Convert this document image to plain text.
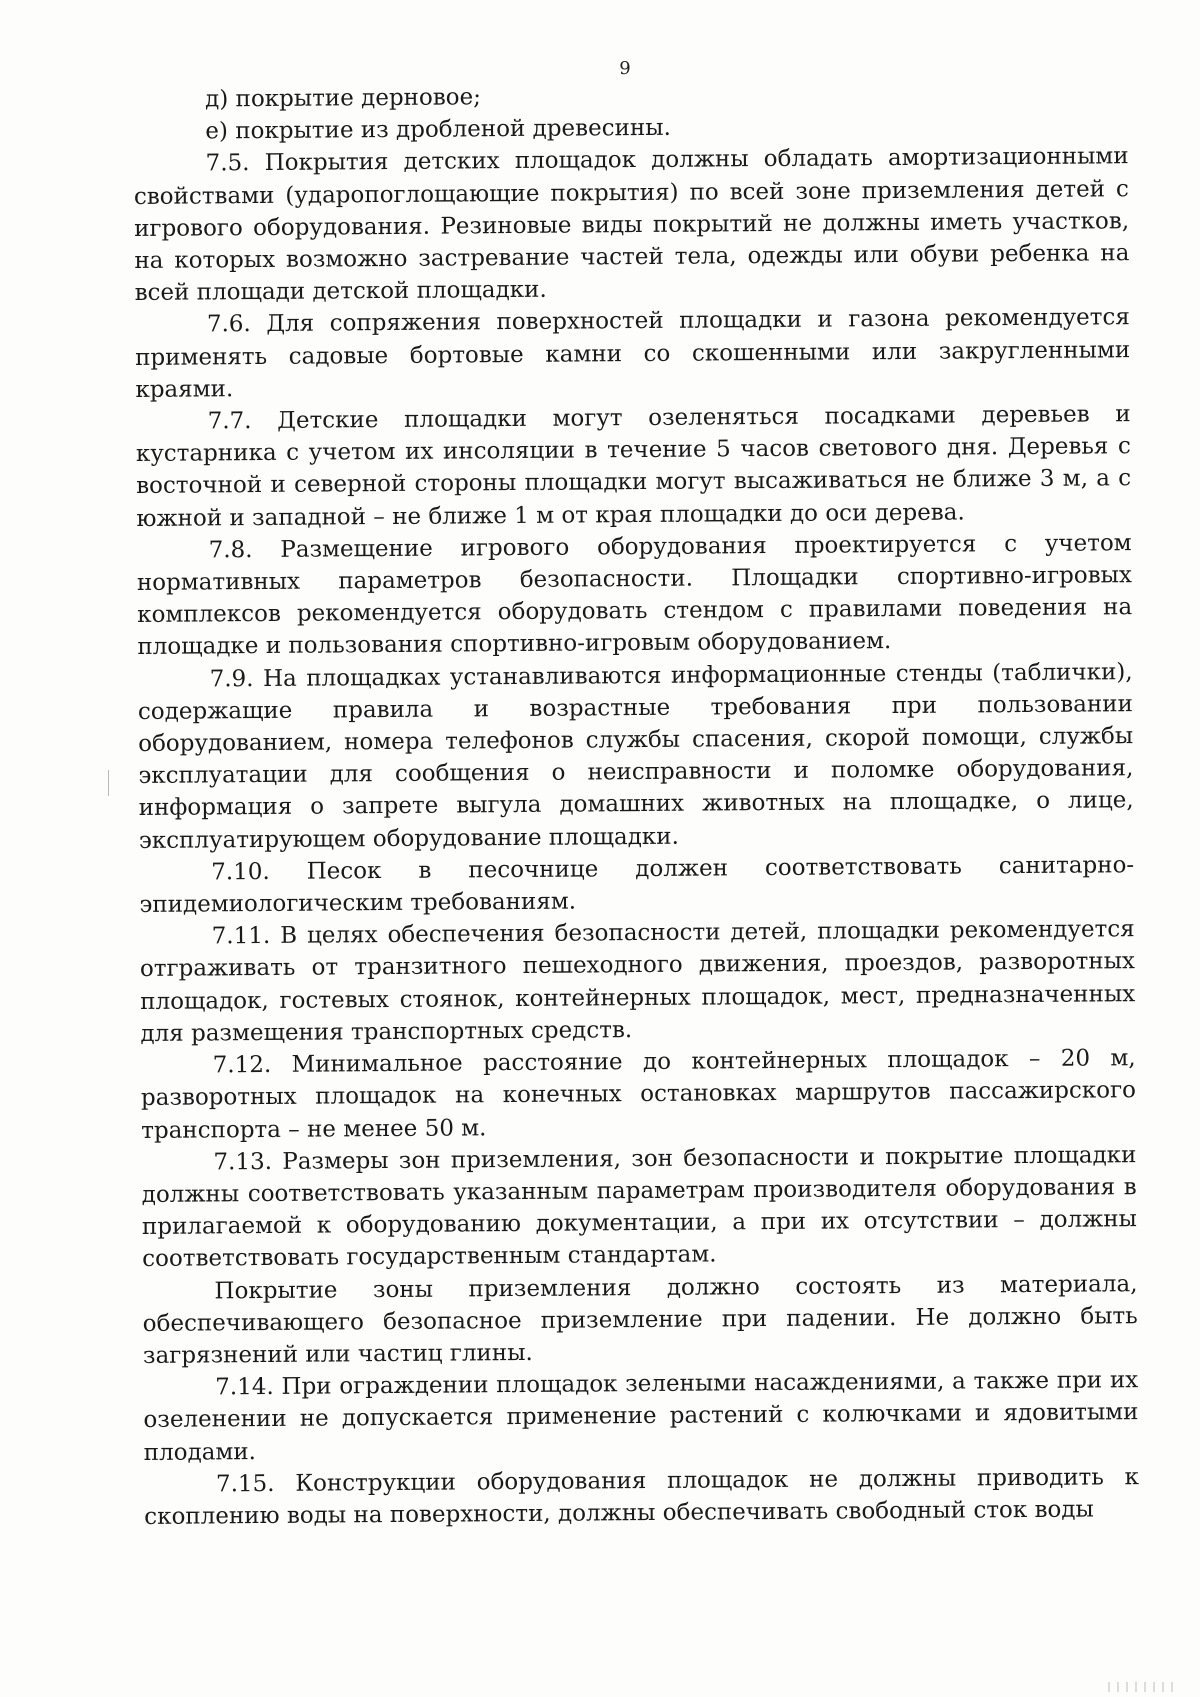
9

д) покрытие дерновое;

е) покрытие из дробленой древесины.

7.5. Покрытия детских площадок должны обладать амортизационными свойствами (ударопоглощающие покрытия) по всей зоне приземления детей с игрового оборудования. Резиновые виды покрытий не должны иметь участков, на которых возможно застревание частей тела, одежды или обуви ребенка на всей площади детской площадки.

7.6. Для сопряжения поверхностей площадки и газона рекомендуется применять садовые бортовые камни со скошенными или закругленными краями.

7.7. Детские площадки могут озеленяться посадками деревьев и кустарника с учетом их инсоляции в течение 5 часов светового дня. Деревья с восточной и северной стороны площадки могут высаживаться не ближе 3 м, а с южной и западной – не ближе 1 м от края площадки до оси дерева.

7.8. Размещение игрового оборудования проектируется с учетом нормативных параметров безопасности. Площадки спортивно-игровых комплексов рекомендуется оборудовать стендом с правилами поведения на площадке и пользования спортивно-игровым оборудованием.

7.9. На площадках устанавливаются информационные стенды (таблички), содержащие правила и возрастные требования при пользовании оборудованием, номера телефонов службы спасения, скорой помощи, службы эксплуатации для сообщения о неисправности и поломке оборудования, информация о запрете выгула домашних животных на площадке, о лице, эксплуатирующем оборудование площадки.

7.10. Песок в песочнице должен соответствовать санитарно-эпидемиологическим требованиям.

7.11. В целях обеспечения безопасности детей, площадки рекомендуется отграживать от транзитного пешеходного движения, проездов, разворотных площадок, гостевых стоянок, контейнерных площадок, мест, предназначенных для размещения транспортных средств.

7.12. Минимальное расстояние до контейнерных площадок – 20 м, разворотных площадок на конечных остановках маршрутов пассажирского транспорта – не менее 50 м.

7.13. Размеры зон приземления, зон безопасности и покрытие площадки должны соответствовать указанным параметрам производителя оборудования в прилагаемой к оборудованию документации, а при их отсутствии – должны соответствовать государственным стандартам.

Покрытие зоны приземления должно состоять из материала, обеспечивающего безопасное приземление при падении. Не должно быть загрязнений или частиц глины.

7.14. При ограждении площадок зелеными насаждениями, а также при их озеленении не допускается применение растений с колючками и ядовитыми плодами.

7.15. Конструкции оборудования площадок не должны приводить к скоплению воды на поверхности, должны обеспечивать свободный сток воды
